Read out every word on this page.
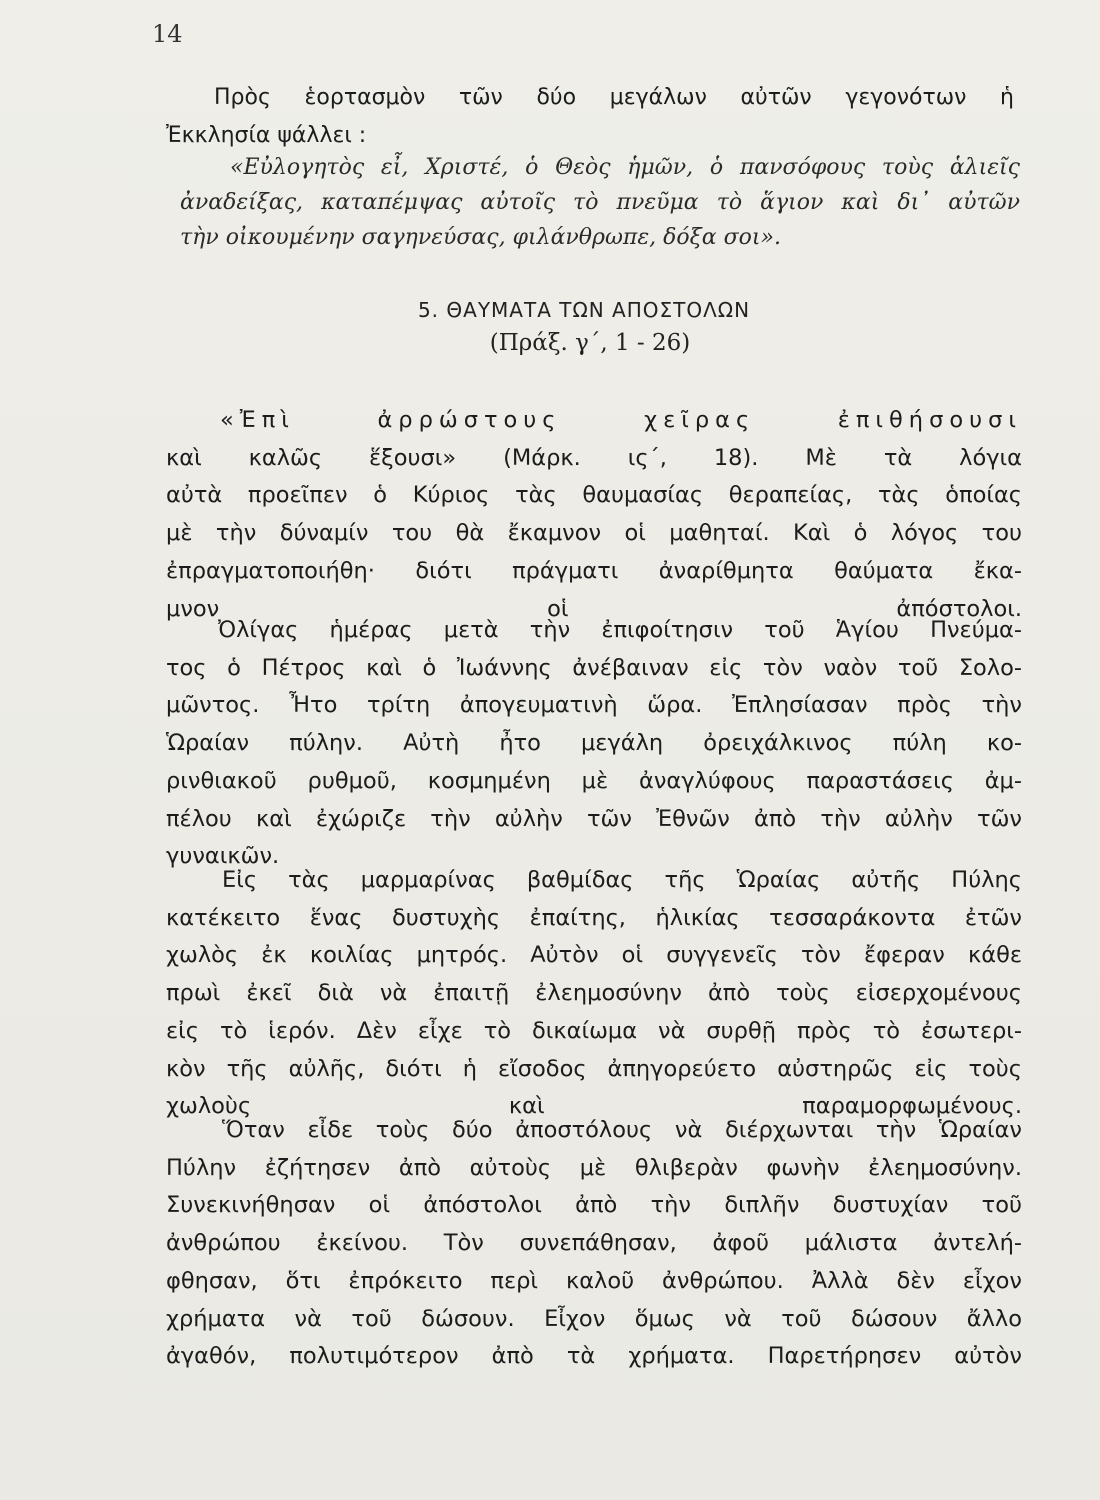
14
Πρὸς ἑορτασμὸν τῶν δύο μεγάλων αὐτῶν γεγονότων ἡ
Ἐκκλησία ψάλλει :
«Εὐλογητὸς εἶ, Χριστέ, ὁ Θεὸς ἡμῶν, ὁ πανσόφους τοὺς ἁλιεῖς
ἀναδείξας, καταπέμψας αὐτοῖς τὸ πνεῦμα τὸ ἅγιον καὶ δι᾿ αὐτῶν
τὴν οἰκουμένην σαγηνεύσας, φιλάνθρωπε, δόξα σοι».
5. ΘΑΥΜΑΤΑ ΤΩΝ ΑΠΟΣΤΟΛΩΝ
(Πράξ. γ΄, 1 - 26)
«Ἐπὶ ἀρρώστους χεῖρας ἐπιθήσουσι
καὶ καλῶς ἕξουσι» (Μάρκ. ις΄, 18). Μὲ τὰ λόγια
αὐτὰ προεῖπεν ὁ Κύριος τὰς θαυμασίας θεραπείας, τὰς ὁποίας
μὲ τὴν δύναμίν του θὰ ἔκαμνον οἱ μαθηταί. Καὶ ὁ λόγος του
ἐπραγματοποιήθη· διότι πράγματι ἀναρίθμητα θαύματα ἔκα-
μνον οἱ ἀπόστολοι.
Ὀλίγας ἡμέρας μετὰ τὴν ἐπιφοίτησιν τοῦ Ἁγίου Πνεύμα-
τος ὁ Πέτρος καὶ ὁ Ἰωάννης ἀνέβαιναν εἰς τὸν ναὸν τοῦ Σολο-
μῶντος. Ἦτο τρίτη ἀπογευματινὴ ὥρα. Ἐπλησίασαν πρὸς τὴν
Ὡραίαν πύλην. Αὐτὴ ἦτο μεγάλη ὀρειχάλκινος πύλη κο-
ρινθιακοῦ ρυθμοῦ, κοσμημένη μὲ ἀναγλύφους παραστάσεις ἀμ-
πέλου καὶ ἐχώριζε τὴν αὐλὴν τῶν Ἐθνῶν ἀπὸ τὴν αὐλὴν τῶν
γυναικῶν.
Εἰς τὰς μαρμαρίνας βαθμίδας τῆς Ὡραίας αὐτῆς Πύλης
κατέκειτο ἕνας δυστυχὴς ἐπαίτης, ἡλικίας τεσσαράκοντα ἐτῶν
χωλὸς ἐκ κοιλίας μητρός. Αὐτὸν οἱ συγγενεῖς τὸν ἔφεραν κάθε
πρωὶ ἐκεῖ διὰ νὰ ἐπαιτῇ ἐλεημοσύνην ἀπὸ τοὺς εἰσερχομένους
εἰς τὸ ἱερόν. Δὲν εἶχε τὸ δικαίωμα νὰ συρθῇ πρὸς τὸ ἐσωτερι-
κὸν τῆς αὐλῆς, διότι ἡ εἴσοδος ἀπηγορεύετο αὐστηρῶς εἰς τοὺς
χωλοὺς καὶ παραμορφωμένους.
Ὅταν εἶδε τοὺς δύο ἀποστόλους νὰ διέρχωνται τὴν Ὡραίαν
Πύλην ἐζήτησεν ἀπὸ αὐτοὺς μὲ θλιβερὰν φωνὴν ἐλεημοσύνην.
Συνεκινήθησαν οἱ ἀπόστολοι ἀπὸ τὴν διπλῆν δυστυχίαν τοῦ
ἀνθρώπου ἐκείνου. Τὸν συνεπάθησαν, ἀφοῦ μάλιστα ἀντελή-
φθησαν, ὅτι ἐπρόκειτο περὶ καλοῦ ἀνθρώπου. Ἀλλὰ δὲν εἶχον
χρήματα νὰ τοῦ δώσουν. Εἶχον ὅμως νὰ τοῦ δώσουν ἄλλο
ἀγαθόν, πολυτιμότερον ἀπὸ τὰ χρήματα. Παρετήρησεν αὐτὸν
